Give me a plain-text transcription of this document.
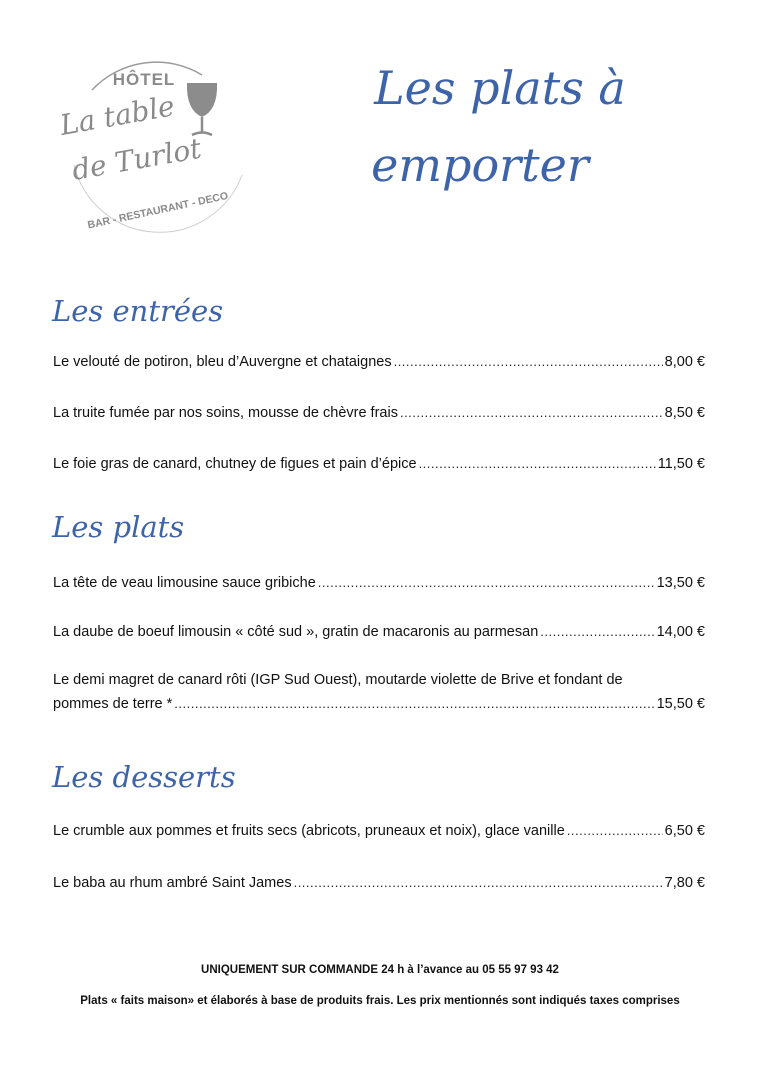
HÔTEL
La table
de Turlot
BAR - RESTAURANT - DECO
Les plats à
emporter
Les entrées
Le velouté de potiron, bleu d’Auvergne et chataignes .....	8,00 €
La truite fumée par nos soins, mousse de chèvre frais .....	8,50 €
Le foie gras de canard, chutney de figues et pain d’épice .....	11,50 €
Les plats
La tête de veau limousine sauce gribiche .....	13,50 €
La daube de boeuf limousin « côté sud », gratin de macaronis au parmesan .....	14,00 €
Le demi magret de canard rôti (IGP Sud Ouest), moutarde violette de Brive et fondant de
pommes de terre * .....	15,50 €
Les desserts
Le crumble aux pommes et fruits secs (abricots, pruneaux et noix), glace vanille .....	6,50 €
Le baba au rhum ambré Saint James .....	7,80 €
UNIQUEMENT SUR COMMANDE 24 h à l’avance au 05 55 97 93 42
Plats « faits maison» et élaborés à base de produits frais. Les prix mentionnés sont indiqués taxes comprises
